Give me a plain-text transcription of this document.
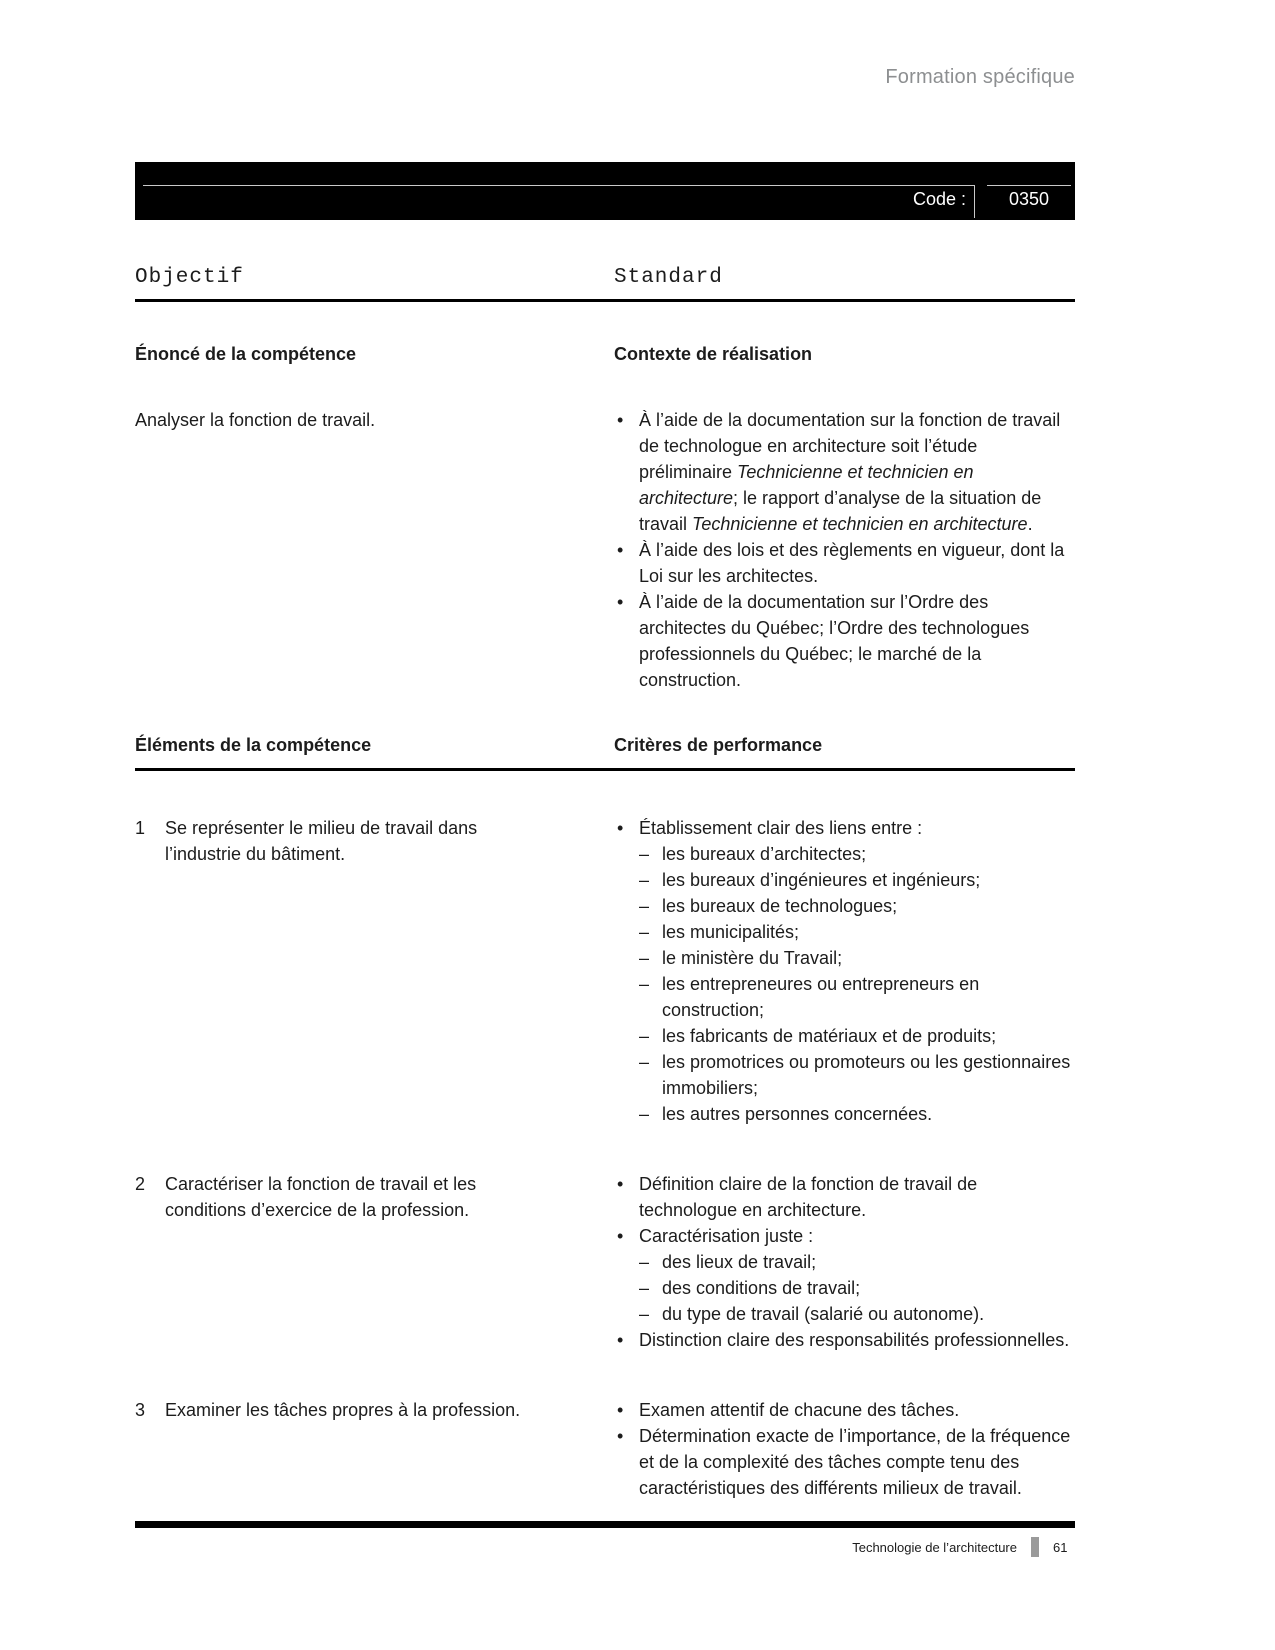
Formation spécifique
Code :	0350
Objectif	Standard
Énoncé de la compétence	Contexte de réalisation
Analyser la fonction de travail.	• À l’aide de la documentation sur la fonction de travail de technologue en architecture soit l’étude préliminaire Technicienne et technicien en architecture; le rapport d’analyse de la situation de travail Technicienne et technicien en architecture.
• À l’aide des lois et des règlements en vigueur, dont la Loi sur les architectes.
• À l’aide de la documentation sur l’Ordre des architectes du Québec; l’Ordre des technologues professionnels du Québec; le marché de la construction.
Éléments de la compétence	Critères de performance
1	Se représenter le milieu de travail dans l’industrie du bâtiment.
• Établissement clair des liens entre :
– les bureaux d’architectes;
– les bureaux d’ingénieures et ingénieurs;
– les bureaux de technologues;
– les municipalités;
– le ministère du Travail;
– les entrepreneures ou entrepreneurs en construction;
– les fabricants de matériaux et de produits;
– les promotrices ou promoteurs ou les gestionnaires immobiliers;
– les autres personnes concernées.
2	Caractériser la fonction de travail et les conditions d’exercice de la profession.
• Définition claire de la fonction de travail de technologue en architecture.
• Caractérisation juste :
– des lieux de travail;
– des conditions de travail;
– du type de travail (salarié ou autonome).
• Distinction claire des responsabilités professionnelles.
3	Examiner les tâches propres à la profession.	• Examen attentif de chacune des tâches.
• Détermination exacte de l’importance, de la fréquence et de la complexité des tâches compte tenu des caractéristiques des différents milieux de travail.
Technologie de l’architecture	61
